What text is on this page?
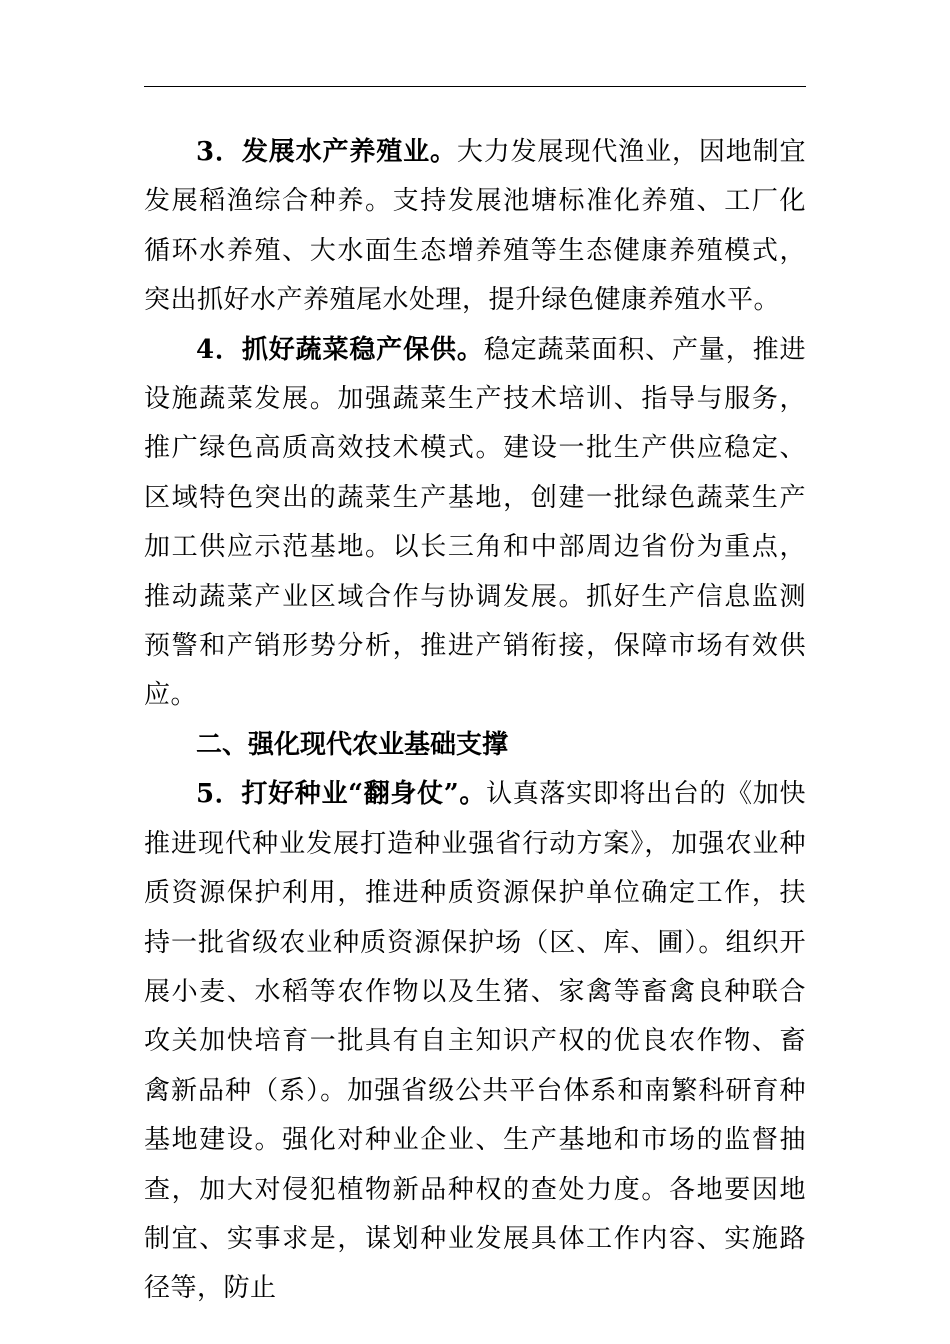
3．发展水产养殖业。大力发展现代渔业，因地制宜发展稻渔综合种养。支持发展池塘标准化养殖、工厂化循环水养殖、大水面生态增养殖等生态健康养殖模式，突出抓好水产养殖尾水处理，提升绿色健康养殖水平。

4．抓好蔬菜稳产保供。稳定蔬菜面积、产量，推进设施蔬菜发展。加强蔬菜生产技术培训、指导与服务，推广绿色高质高效技术模式。建设一批生产供应稳定、区域特色突出的蔬菜生产基地，创建一批绿色蔬菜生产加工供应示范基地。以长三角和中部周边省份为重点，推动蔬菜产业区域合作与协调发展。抓好生产信息监测预警和产销形势分析，推进产销衔接，保障市场有效供应。

二、强化现代农业基础支撑

5．打好种业“翻身仗”。认真落实即将出台的《加快推进现代种业发展打造种业强省行动方案》，加强农业种质资源保护利用，推进种质资源保护单位确定工作，扶持一批省级农业种质资源保护场（区、库、圃）。组织开展小麦、水稻等农作物以及生猪、家禽等畜禽良种联合攻关加快培育一批具有自主知识产权的优良农作物、畜禽新品种（系）。加强省级公共平台体系和南繁科研育种基地建设。强化对种业企业、生产基地和市场的监督抽查，加大对侵犯植物新品种权的查处力度。各地要因地制宜、实事求是，谋划种业发展具体工作内容、实施路径等，防止
